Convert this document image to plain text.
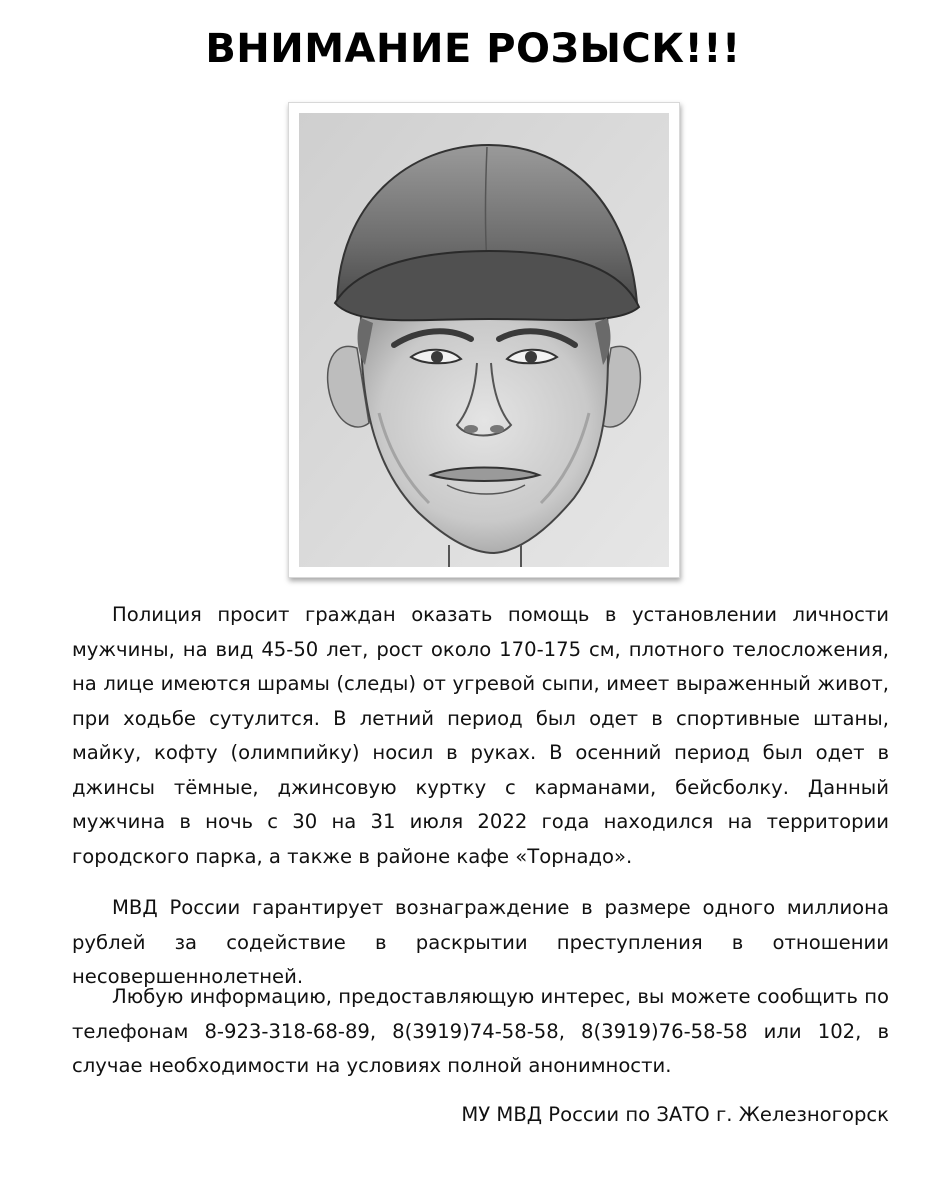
ВНИМАНИЕ РОЗЫСК!!!

Полиция просит граждан оказать помощь в установлении личности мужчины, на вид 45-50 лет, рост около 170-175 см, плотного телосложения, на лице имеются шрамы (следы) от угревой сыпи, имеет выраженный живот, при ходьбе сутулится. В летний период был одет в спортивные штаны, майку, кофту (олимпийку) носил в руках. В осенний период был одет в джинсы тёмные, джинсовую куртку с карманами, бейсболку. Данный мужчина в ночь с 30 на 31 июля 2022 года находился на территории городского парка, а также в районе кафе «Торнадо».

МВД России гарантирует вознаграждение в размере одного миллиона рублей за содействие в раскрытии преступления в отношении несовершеннолетней.

Любую информацию, предоставляющую интерес, вы можете сообщить по телефонам 8-923-318-68-89, 8(3919)74-58-58, 8(3919)76-58-58 или 102, в случае необходимости на условиях полной анонимности.

МУ МВД России по ЗАТО г. Железногорск
